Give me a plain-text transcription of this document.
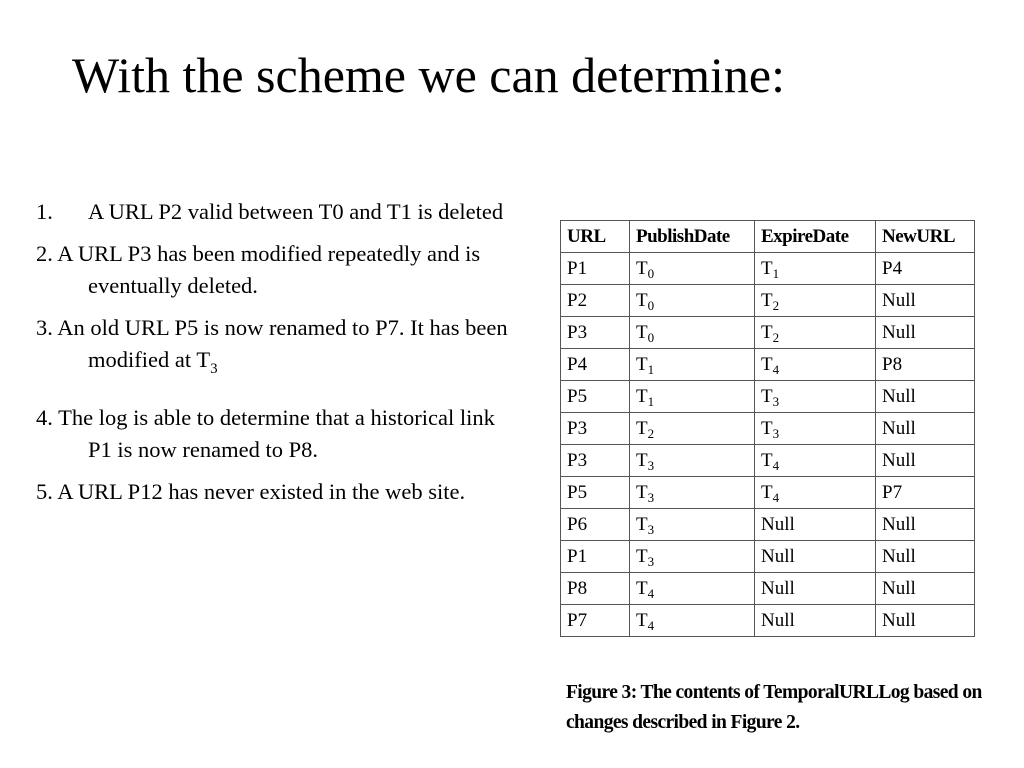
With the scheme we can determine:
1. A URL P2 valid between T0 and T1 is deleted
2. A URL P3 has been modified repeatedly and is eventually deleted.
3. An old URL P5 is now renamed to P7. It has been modified at $T_3$
4. The log is able to determine that a historical link P1 is now renamed to P8.
5. A URL P12 has never existed in the web site.
URL	PublishDate	ExpireDate	NewURL
P1	$T_0$	$T_1$	P4
P2	$T_0$	$T_2$	Null
P3	$T_0$	$T_2$	Null
P4	$T_1$	$T_4$	P8
P5	$T_1$	$T_3$	Null
P3	$T_2$	$T_3$	Null
P3	$T_3$	$T_4$	Null
P5	$T_3$	$T_4$	P7
P6	$T_3$	Null	Null
P1	$T_3$	Null	Null
P8	$T_4$	Null	Null
P7	$T_4$	Null	Null
Figure 3: The contents of TemporalURLLog based on changes described in Figure 2.
